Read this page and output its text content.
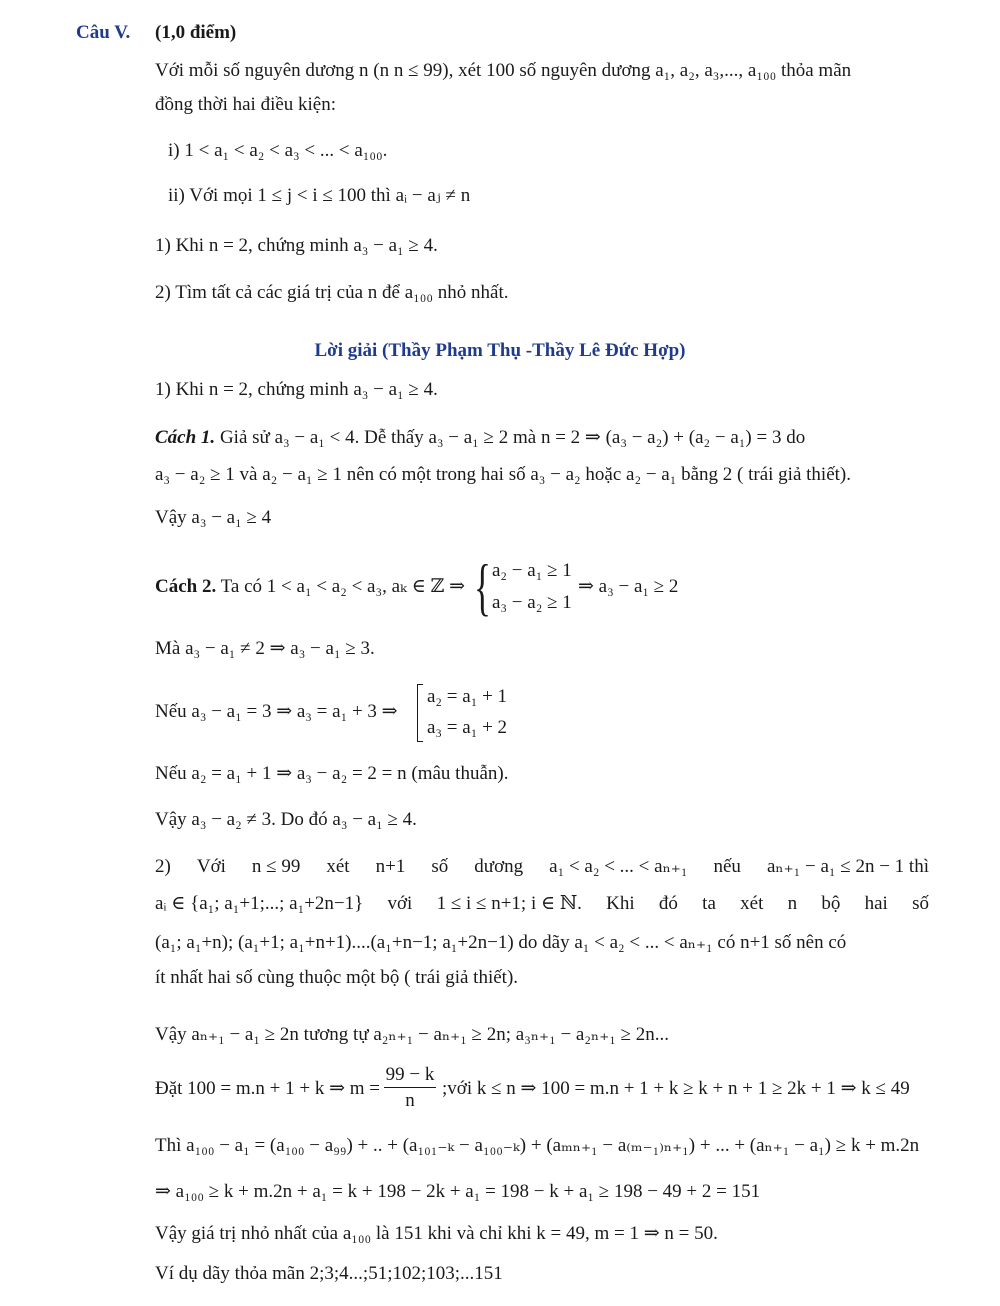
Câu V. (1,0 điểm)
Với mỗi số nguyên dương n (n n ≤ 99), xét 100 số nguyên dương a₁, a₂, a₃,..., a₁₀₀ thỏa mãn
đồng thời hai điều kiện:
i) 1 < a₁ < a₂ < a₃ < ... < a₁₀₀.
ii) Với mọi 1 ≤ j < i ≤ 100 thì aᵢ − aⱼ ≠ n
1) Khi n = 2, chứng minh a₃ − a₁ ≥ 4.
2) Tìm tất cả các giá trị của n để a₁₀₀ nhỏ nhất.
Lời giải (Thầy Phạm Thụ -Thầy Lê Đức Hợp)
1) Khi n = 2, chứng minh a₃ − a₁ ≥ 4.
Cách 1. Giả sử a₃ − a₁ < 4. Dễ thấy a₃ − a₁ ≥ 2 mà n = 2 ⇒ (a₃ − a₂) + (a₂ − a₁) = 3 do
a₃ − a₂ ≥ 1 và a₂ − a₁ ≥ 1 nên có một trong hai số a₃ − a₂ hoặc a₂ − a₁ bằng 2 ( trái giả thiết).
Vậy a₃ − a₁ ≥ 4
Cách 2. Ta có 1 < a₁ < a₂ < a₃, aₖ ∈ ℤ ⇒ { a₂ − a₁ ≥ 1
a₃ − a₂ ≥ 1
⇒ a₃ − a₁ ≥ 2
Mà a₃ − a₁ ≠ 2 ⇒ a₃ − a₁ ≥ 3.
Nếu a₃ − a₁ = 3 ⇒ a₃ = a₁ + 3 ⇒
a₂ = a₁ + 1
a₃ = a₁ + 2
Nếu a₂ = a₁ + 1 ⇒ a₃ − a₂ = 2 = n (mâu thuẫn).
Vậy a₃ − a₂ ≠ 3. Do đó a₃ − a₁ ≥ 4.
2) Với n ≤ 99 xét n+1 số dương a₁ < a₂ < ... < aₙ₊₁ nếu aₙ₊₁ − a₁ ≤ 2n − 1 thì
aᵢ ∈ {a₁; a₁+1;...; a₁+2n−1} với 1 ≤ i ≤ n+1; i ∈ ℕ. Khi đó ta xét n bộ hai số
(a₁; a₁+n); (a₁+1; a₁+n+1)....(a₁+n−1; a₁+2n−1) do dãy a₁ < a₂ < ... < aₙ₊₁ có n+1 số nên có
ít nhất hai số cùng thuộc một bộ ( trái giả thiết).
Vậy aₙ₊₁ − a₁ ≥ 2n tương tự a₂ₙ₊₁ − aₙ₊₁ ≥ 2n; a₃ₙ₊₁ − a₂ₙ₊₁ ≥ 2n...
Đặt 100 = m.n + 1 + k ⇒ $m = \frac{99 - k}{n}$ ;với k ≤ n ⇒ 100 = m.n + 1 + k ≥ k + n + 1 ≥ 2k + 1 ⇒ k ≤ 49
Thì a₁₀₀ − a₁ = (a₁₀₀ − a₉₉) + .. + (a₁₀₁₋ₖ − a₁₀₀₋ₖ) + (aₘₙ₊₁ − a₍ₘ₋₁₎ₙ₊₁) + ... + (aₙ₊₁ − a₁) ≥ k + m.2n
⇒ a₁₀₀ ≥ k + m.2n + a₁ = k + 198 − 2k + a₁ = 198 − k + a₁ ≥ 198 − 49 + 2 = 151
Vậy giá trị nhỏ nhất của a₁₀₀ là 151 khi và chỉ khi k = 49, m = 1 ⇒ n = 50.
Ví dụ dãy thỏa mãn 2;3;4...;51;102;103;...151
